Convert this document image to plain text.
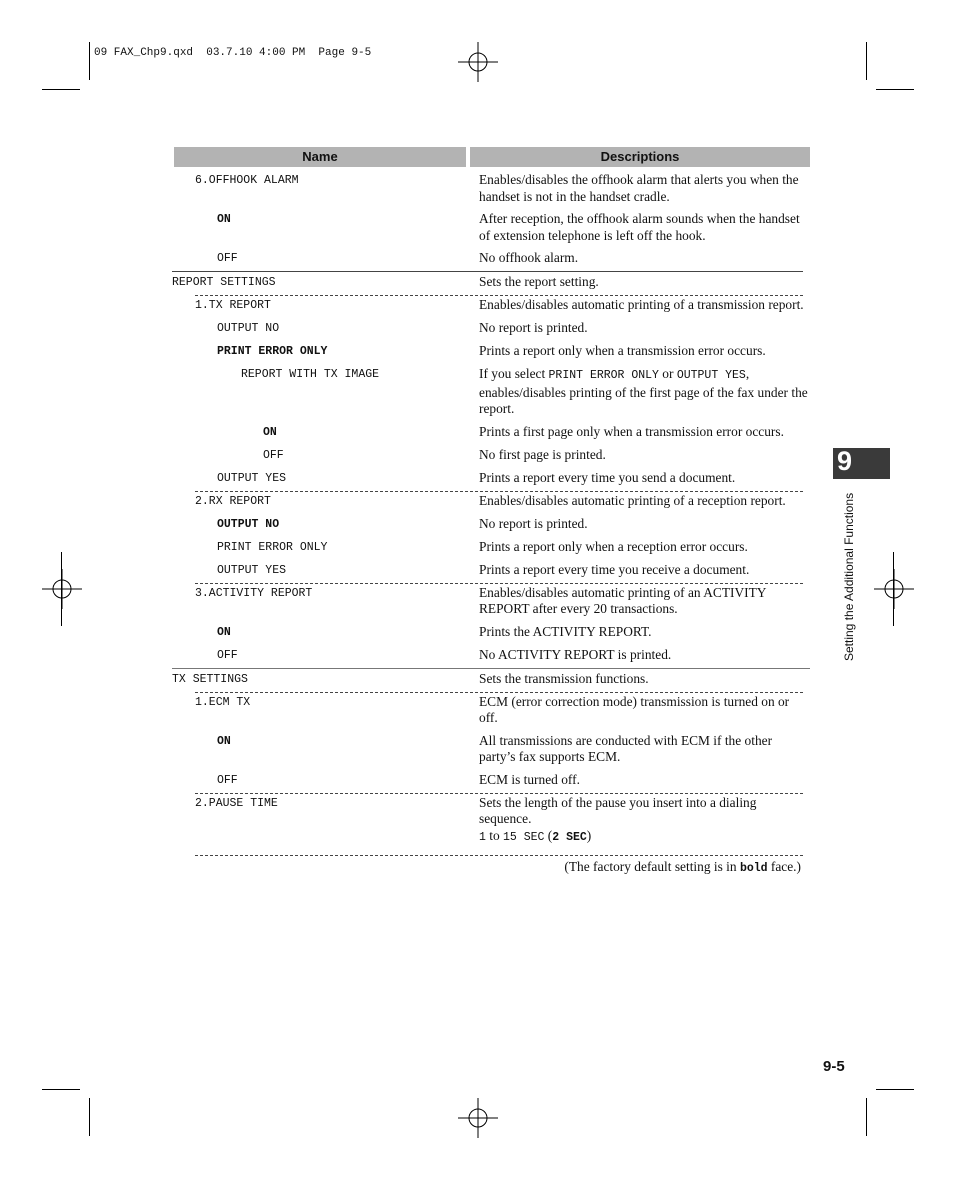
09 FAX_Chp9.qxd  03.7.10 4:00 PM  Page 9-5
Name	Descriptions
6.OFFHOOK ALARM	Enables/disables the offhook alarm that alerts you when the handset is not in the handset cradle.
ON	After reception, the offhook alarm sounds when the handset of extension telephone is left off the hook.
OFF	No offhook alarm.
REPORT SETTINGS	Sets the report setting.
1.TX REPORT	Enables/disables automatic printing of a transmission report.
OUTPUT NO	No report is printed.
PRINT ERROR ONLY	Prints a report only when a transmission error occurs.
REPORT WITH TX IMAGE	If you select PRINT ERROR ONLY or OUTPUT YES, enables/disables printing of the first page of the fax under the report.
ON	Prints a first page only when a transmission error occurs.
OFF	No first page is printed.
OUTPUT YES	Prints a report every time you send a document.
2.RX REPORT	Enables/disables automatic printing of a reception report.
OUTPUT NO	No report is printed.
PRINT ERROR ONLY	Prints a report only when a reception error occurs.
OUTPUT YES	Prints a report every time you receive a document.
3.ACTIVITY REPORT	Enables/disables automatic printing of an ACTIVITY REPORT after every 20 transactions.
ON	Prints the ACTIVITY REPORT.
OFF	No ACTIVITY REPORT is printed.
TX SETTINGS	Sets the transmission functions.
1.ECM TX	ECM (error correction mode) transmission is turned on or off.
ON	All transmissions are conducted with ECM if the other party’s fax supports ECM.
OFF	ECM is turned off.
2.PAUSE TIME	Sets the length of the pause you insert into a dialing sequence.
1 to 15 SEC (2 SEC)
(The factory default setting is in bold face.)
9
Setting the Additional Functions
9-5
